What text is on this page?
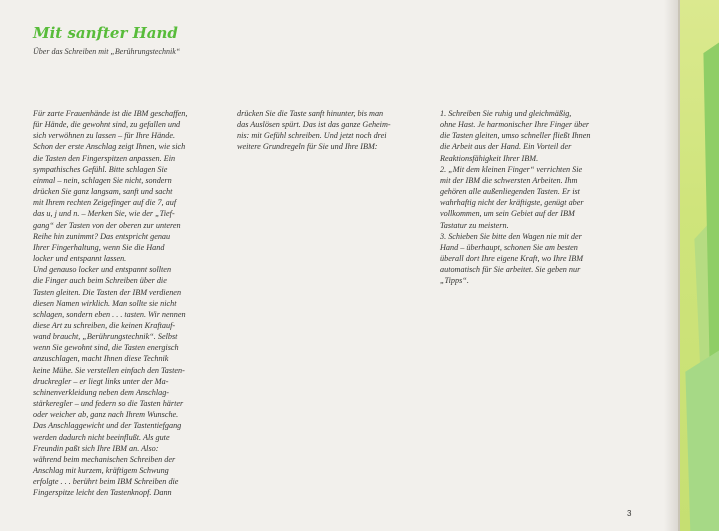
Mit sanfter Hand

Über das Schreiben mit „Berührungstechnik“

Für zarte Frauenhände ist die IBM geschaffen,
für Hände, die gewohnt sind, zu gefallen und
sich verwöhnen zu lassen – für Ihre Hände.
Schon der erste Anschlag zeigt Ihnen, wie sich
die Tasten den Fingerspitzen anpassen. Ein
sympathisches Gefühl. Bitte schlagen Sie
einmal – nein, schlagen Sie nicht, sondern
drücken Sie ganz langsam, sanft und sacht
mit Ihrem rechten Zeigefinger auf die 7, auf
das u, j und n. – Merken Sie, wie der „Tief-
gang“ der Tasten von der oberen zur unteren
Reihe hin zunimmt? Das entspricht genau
Ihrer Fingerhaltung, wenn Sie die Hand
locker und entspannt lassen.
Und genauso locker und entspannt sollten
die Finger auch beim Schreiben über die
Tasten gleiten. Die Tasten der IBM verdienen
diesen Namen wirklich. Man sollte sie nicht
schlagen, sondern eben . . . tasten. Wir nennen
diese Art zu schreiben, die keinen Kraftauf-
wand braucht, „Berührungstechnik“. Selbst
wenn Sie gewohnt sind, die Tasten energisch
anzuschlagen, macht Ihnen diese Technik
keine Mühe. Sie verstellen einfach den Tasten-
druckregler – er liegt links unter der Ma-
schinenverkleidung neben dem Anschlag-
stärkeregler – und federn so die Tasten härter
oder weicher ab, ganz nach Ihrem Wunsche.
Das Anschlaggewicht und der Tastentiefgang
werden dadurch nicht beeinflußt. Als gute
Freundin paßt sich Ihre IBM an. Also:
während beim mechanischen Schreiben der
Anschlag mit kurzem, kräftigem Schwung
erfolgte . . . berührt beim IBM Schreiben die
Fingerspitze leicht den Tastenknopf. Dann

drücken Sie die Taste sanft hinunter, bis man
das Auslösen spürt. Das ist das ganze Geheim-
nis: mit Gefühl schreiben. Und jetzt noch drei
weitere Grundregeln für Sie und Ihre IBM:

1. Schreiben Sie ruhig und gleichmäßig,
ohne Hast. Je harmonischer Ihre Finger über
die Tasten gleiten, umso schneller fließt Ihnen
die Arbeit aus der Hand. Ein Vorteil der
Reaktionsfähigkeit Ihrer IBM.
2. „Mit dem kleinen Finger“ verrichten Sie
mit der IBM die schwersten Arbeiten. Ihm
gehören alle außenliegenden Tasten. Er ist
wahrhaftig nicht der kräftigste, genügt aber
vollkommen, um sein Gebiet auf der IBM
Tastatur zu meistern.
3. Schieben Sie bitte den Wagen nie mit der
Hand – überhaupt, schonen Sie am besten
überall dort Ihre eigene Kraft, wo Ihre IBM
automatisch für Sie arbeitet. Sie geben nur
„Tipps“.

3
